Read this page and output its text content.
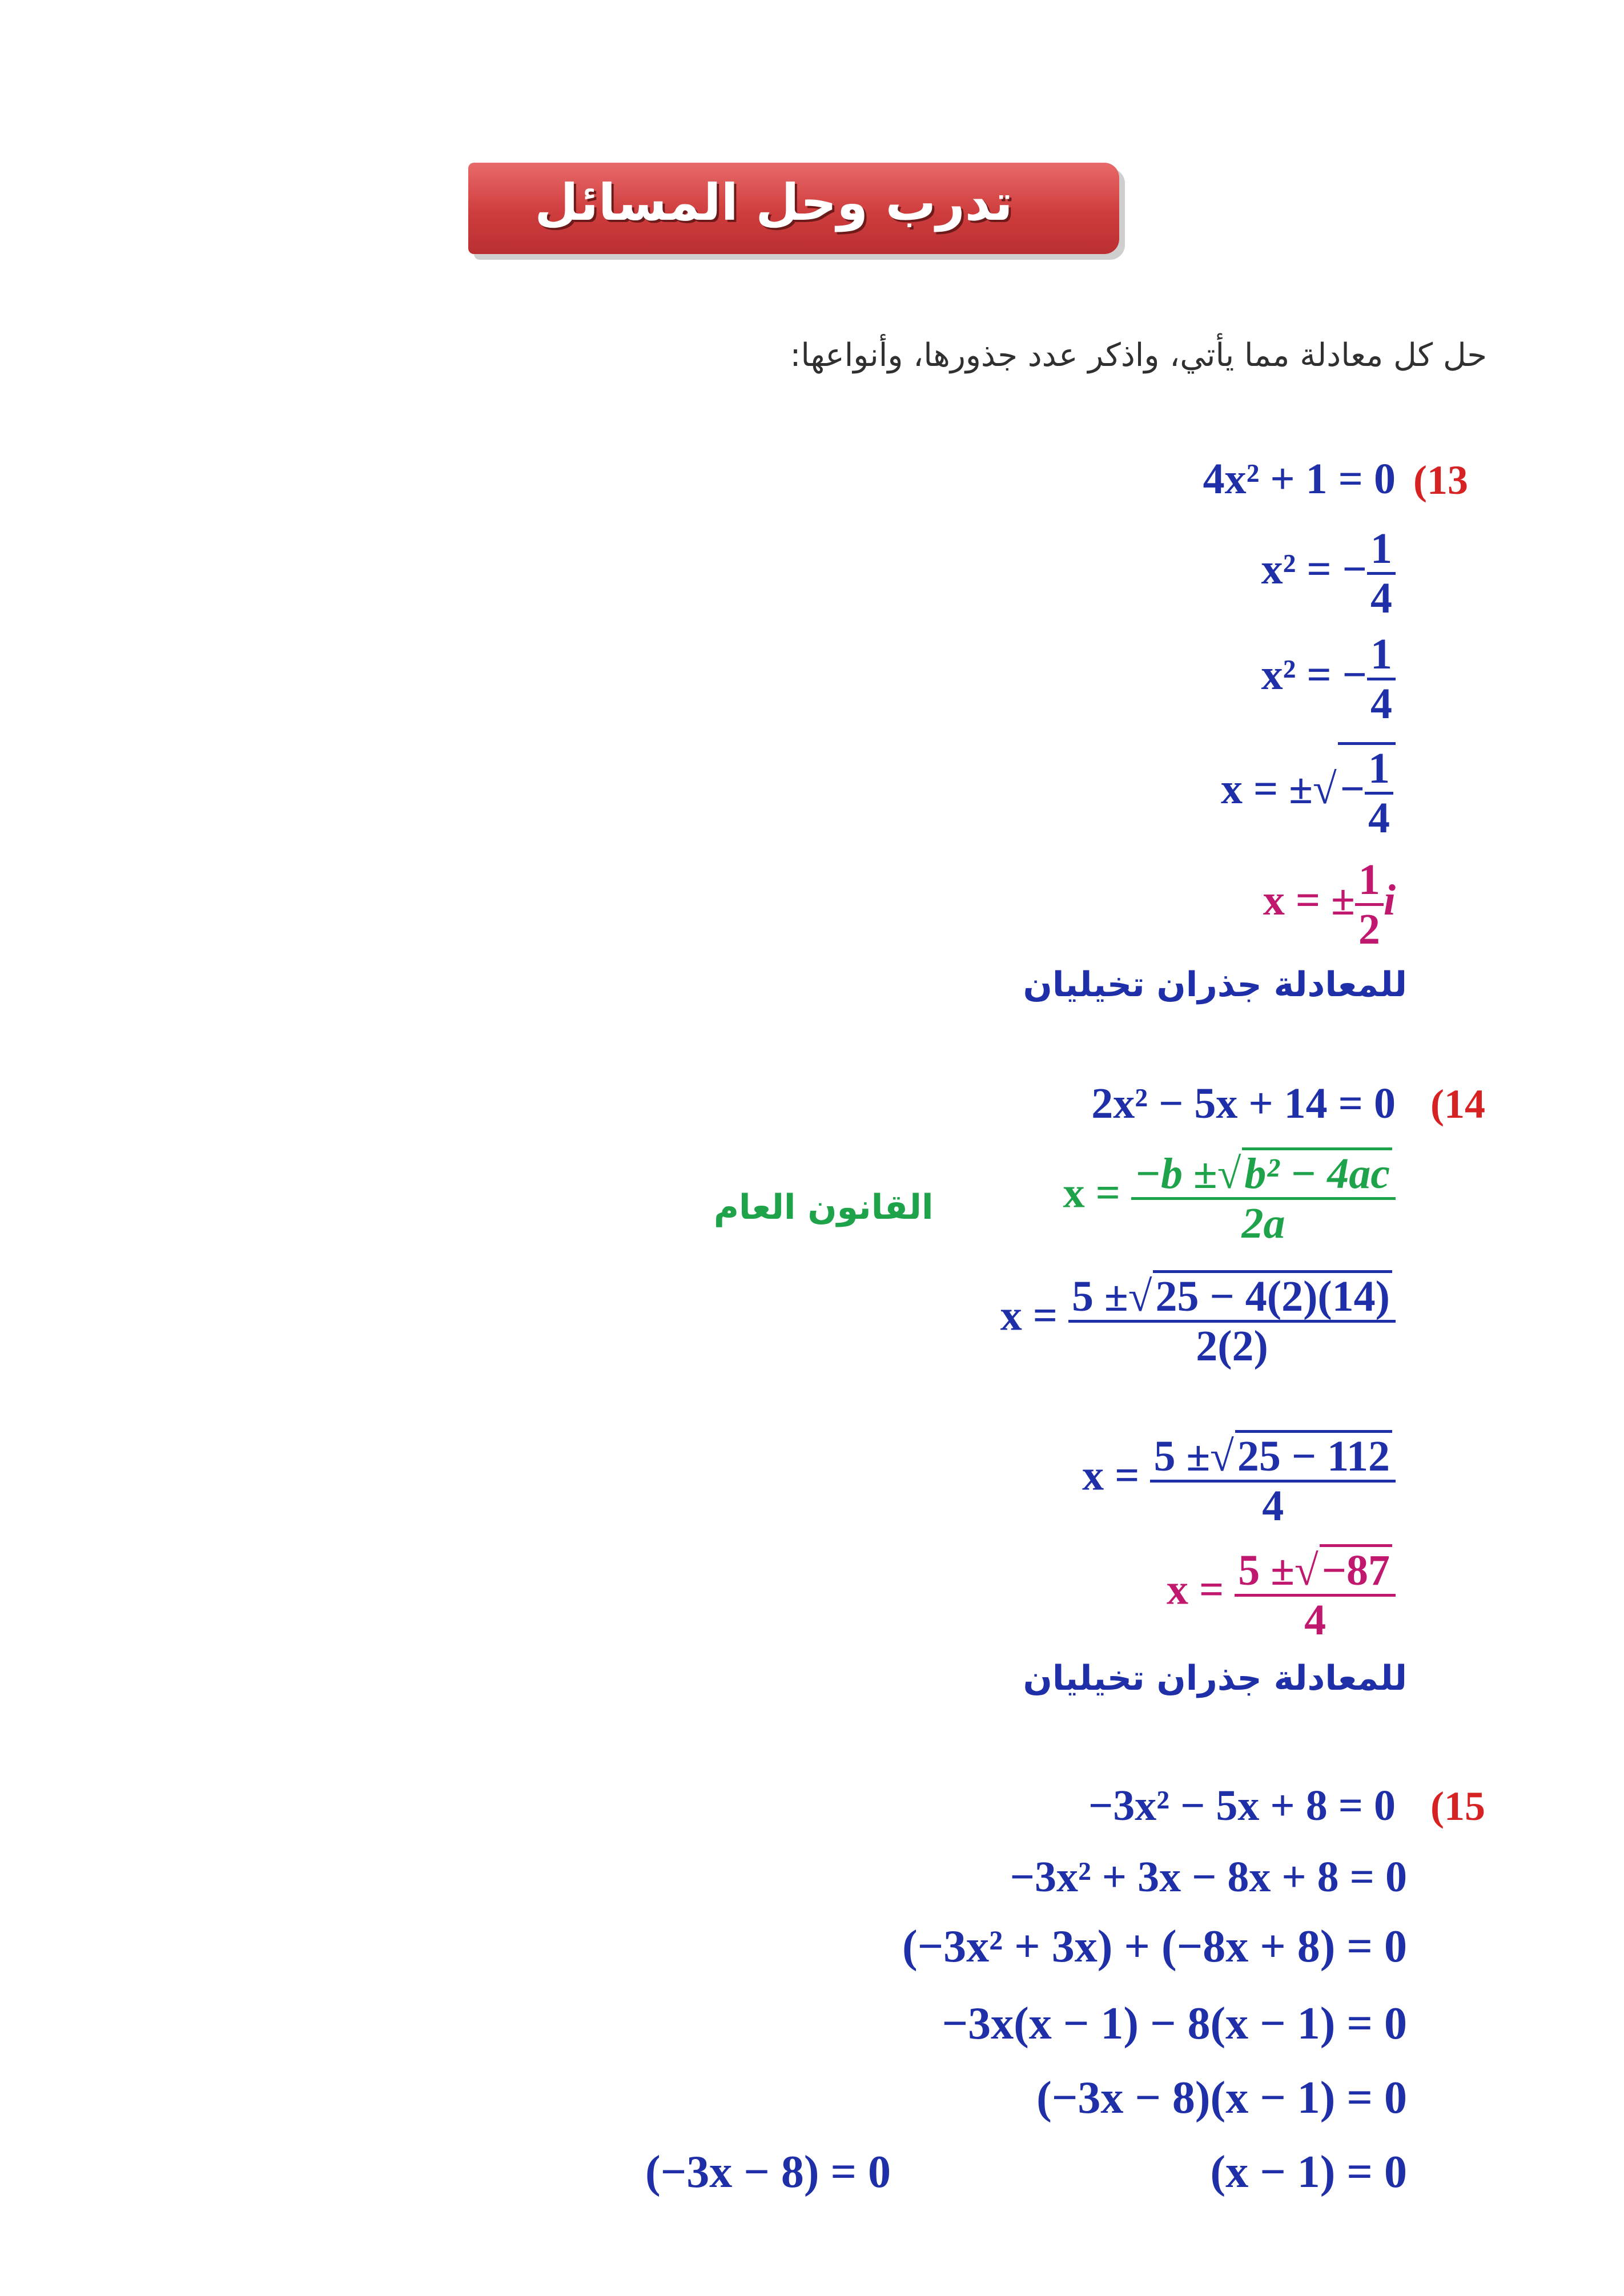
تدرب وحل المسائل
حل كل معادلة مما يأتي، واذكر عدد جذورها، وأنواعها:
(13
4x² + 1 = 0
x² = − $\frac{1}{4}$
x² = − $\frac{1}{4}$
x = ±√− $\frac{1}{4}$
x = ± $\frac{1}{2}$ i
للمعادلة جذران تخيليان
(14
2x² − 5x + 14 = 0
القانون العام	$x = \frac{\text{−b ±√b² − 4ac}}{2a}$
$x = \frac{5 \pm√25 - 4(2)(14)}{2(2)}$
$x = \frac{5 \pm√25 - 112}{4}$
$x = \frac{5 \pm√-87}{4}$
للمعادلة جذران تخيليان
(15
−3x² − 5x + 8 = 0
−3x² + 3x − 8x + 8 = 0
(−3x² + 3x) + (−8x + 8) = 0
−3x(x − 1) − 8(x − 1) = 0
(−3x − 8)(x − 1) = 0
(−3x − 8) = 0	(x − 1) = 0
